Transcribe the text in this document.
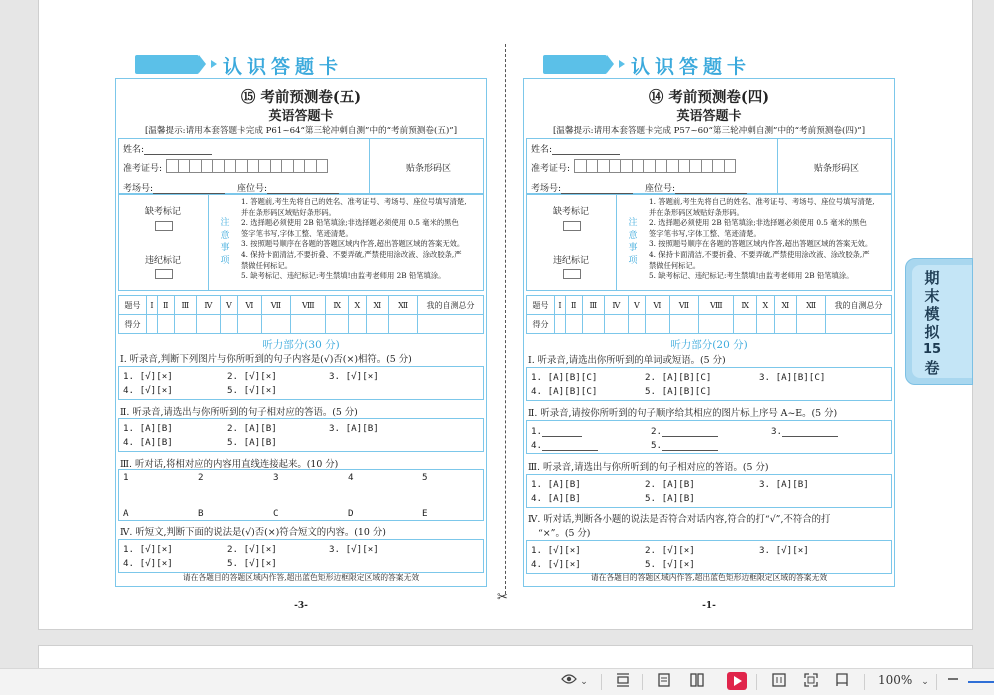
认识答题卡
⑮ 考前预测卷(五)
英语答题卡
[温馨提示:请用本套答题卡完成 P61~64“第三轮冲刺自测”中的“考前预测卷(五)”]
姓名:
准考证号:
考场号:	座位号:
贴条形码区
缺考标记
违纪标记
注
意
事
项
1. 答题前,考生先将自己的姓名、准考证号、考场号、座位号填写清楚,
并在条形码区域贴好条形码。
2. 选择题必须使用 2B 铅笔填涂;非选择题必须使用 0.5 毫米的黑色
签字笔书写,字体工整、笔迹清楚。
3. 按照题号顺序在各题的答题区域内作答,超出答题区域的答案无效。
4. 保持卡面清洁,不要折叠、不要弄破,严禁使用涂改液、涂改胶条,严
禁做任何标记。
5. 缺考标记、违纪标记:考生禁填!由监考老师用 2B 铅笔填涂。
题号	Ⅰ	Ⅱ	Ⅲ	Ⅳ	Ⅴ	Ⅵ	Ⅶ	Ⅷ	Ⅸ	Ⅹ	Ⅺ	Ⅻ	我的自测总分
得分													
听力部分(30 分)
Ⅰ. 听录音,判断下列图片与你所听到的句子内容是(√)否(×)相符。(5 分)
1. [√][×]	2. [√][×]	3. [√][×]
4. [√][×]	5. [√][×]
Ⅱ. 听录音,请选出与你所听到的句子相对应的答语。(5 分)
1. [A][B]	2. [A][B]	3. [A][B]
4. [A][B]	5. [A][B]
Ⅲ. 听对话,将相对应的内容用直线连接起来。(10 分)
1	2	3	4	5
A	B	C	D	E
Ⅳ. 听短文,判断下面的说法是(√)否(×)符合短文的内容。(10 分)
1. [√][×]	2. [√][×]	3. [√][×]
4. [√][×]	5. [√][×]
请在各题目的答题区域内作答,超出蓝色矩形边框限定区域的答案无效
-3-
✂
认识答题卡
⑭ 考前预测卷(四)
英语答题卡
[温馨提示:请用本套答题卡完成 P57~60“第三轮冲刺自测”中的“考前预测卷(四)”]
姓名:
准考证号:
考场号:	座位号:
贴条形码区
缺考标记
违纪标记
注
意
事
项
1. 答题前,考生先将自己的姓名、准考证号、考场号、座位号填写清楚,
并在条形码区域贴好条形码。
2. 选择题必须使用 2B 铅笔填涂;非选择题必须使用 0.5 毫米的黑色
签字笔书写,字体工整、笔迹清楚。
3. 按照题号顺序在各题的答题区域内作答,超出答题区域的答案无效。
4. 保持卡面清洁,不要折叠、不要弄破,严禁使用涂改液、涂改胶条,严
禁做任何标记。
5. 缺考标记、违纪标记:考生禁填!由监考老师用 2B 铅笔填涂。
题号	Ⅰ	Ⅱ	Ⅲ	Ⅳ	Ⅴ	Ⅵ	Ⅶ	Ⅷ	Ⅸ	Ⅹ	Ⅺ	Ⅻ	我的自测总分
得分													
听力部分(20 分)
Ⅰ. 听录音,请选出你所听到的单词或短语。(5 分)
1. [A][B][C]	2. [A][B][C]	3. [A][B][C]
4. [A][B][C]	5. [A][B][C]
Ⅱ. 听录音,请按你所听到的句子顺序给其相应的图片标上序号 A~E。(5 分)
1.	2.	3.
4.	5.
Ⅲ. 听录音,请选出与你所听到的句子相对应的答语。(5 分)
1. [A][B]	2. [A][B]	3. [A][B]
4. [A][B]	5. [A][B]
Ⅳ. 听对话,判断各小题的说法是否符合对话内容,符合的打“√”,不符合的打
“×”。(5 分)
1. [√][×]	2. [√][×]	3. [√][×]
4. [√][×]	5. [√][×]
请在各题目的答题区域内作答,超出蓝色矩形边框限定区域的答案无效
-1-
期
末
模
拟
15
卷
⌄	⌄
100%
